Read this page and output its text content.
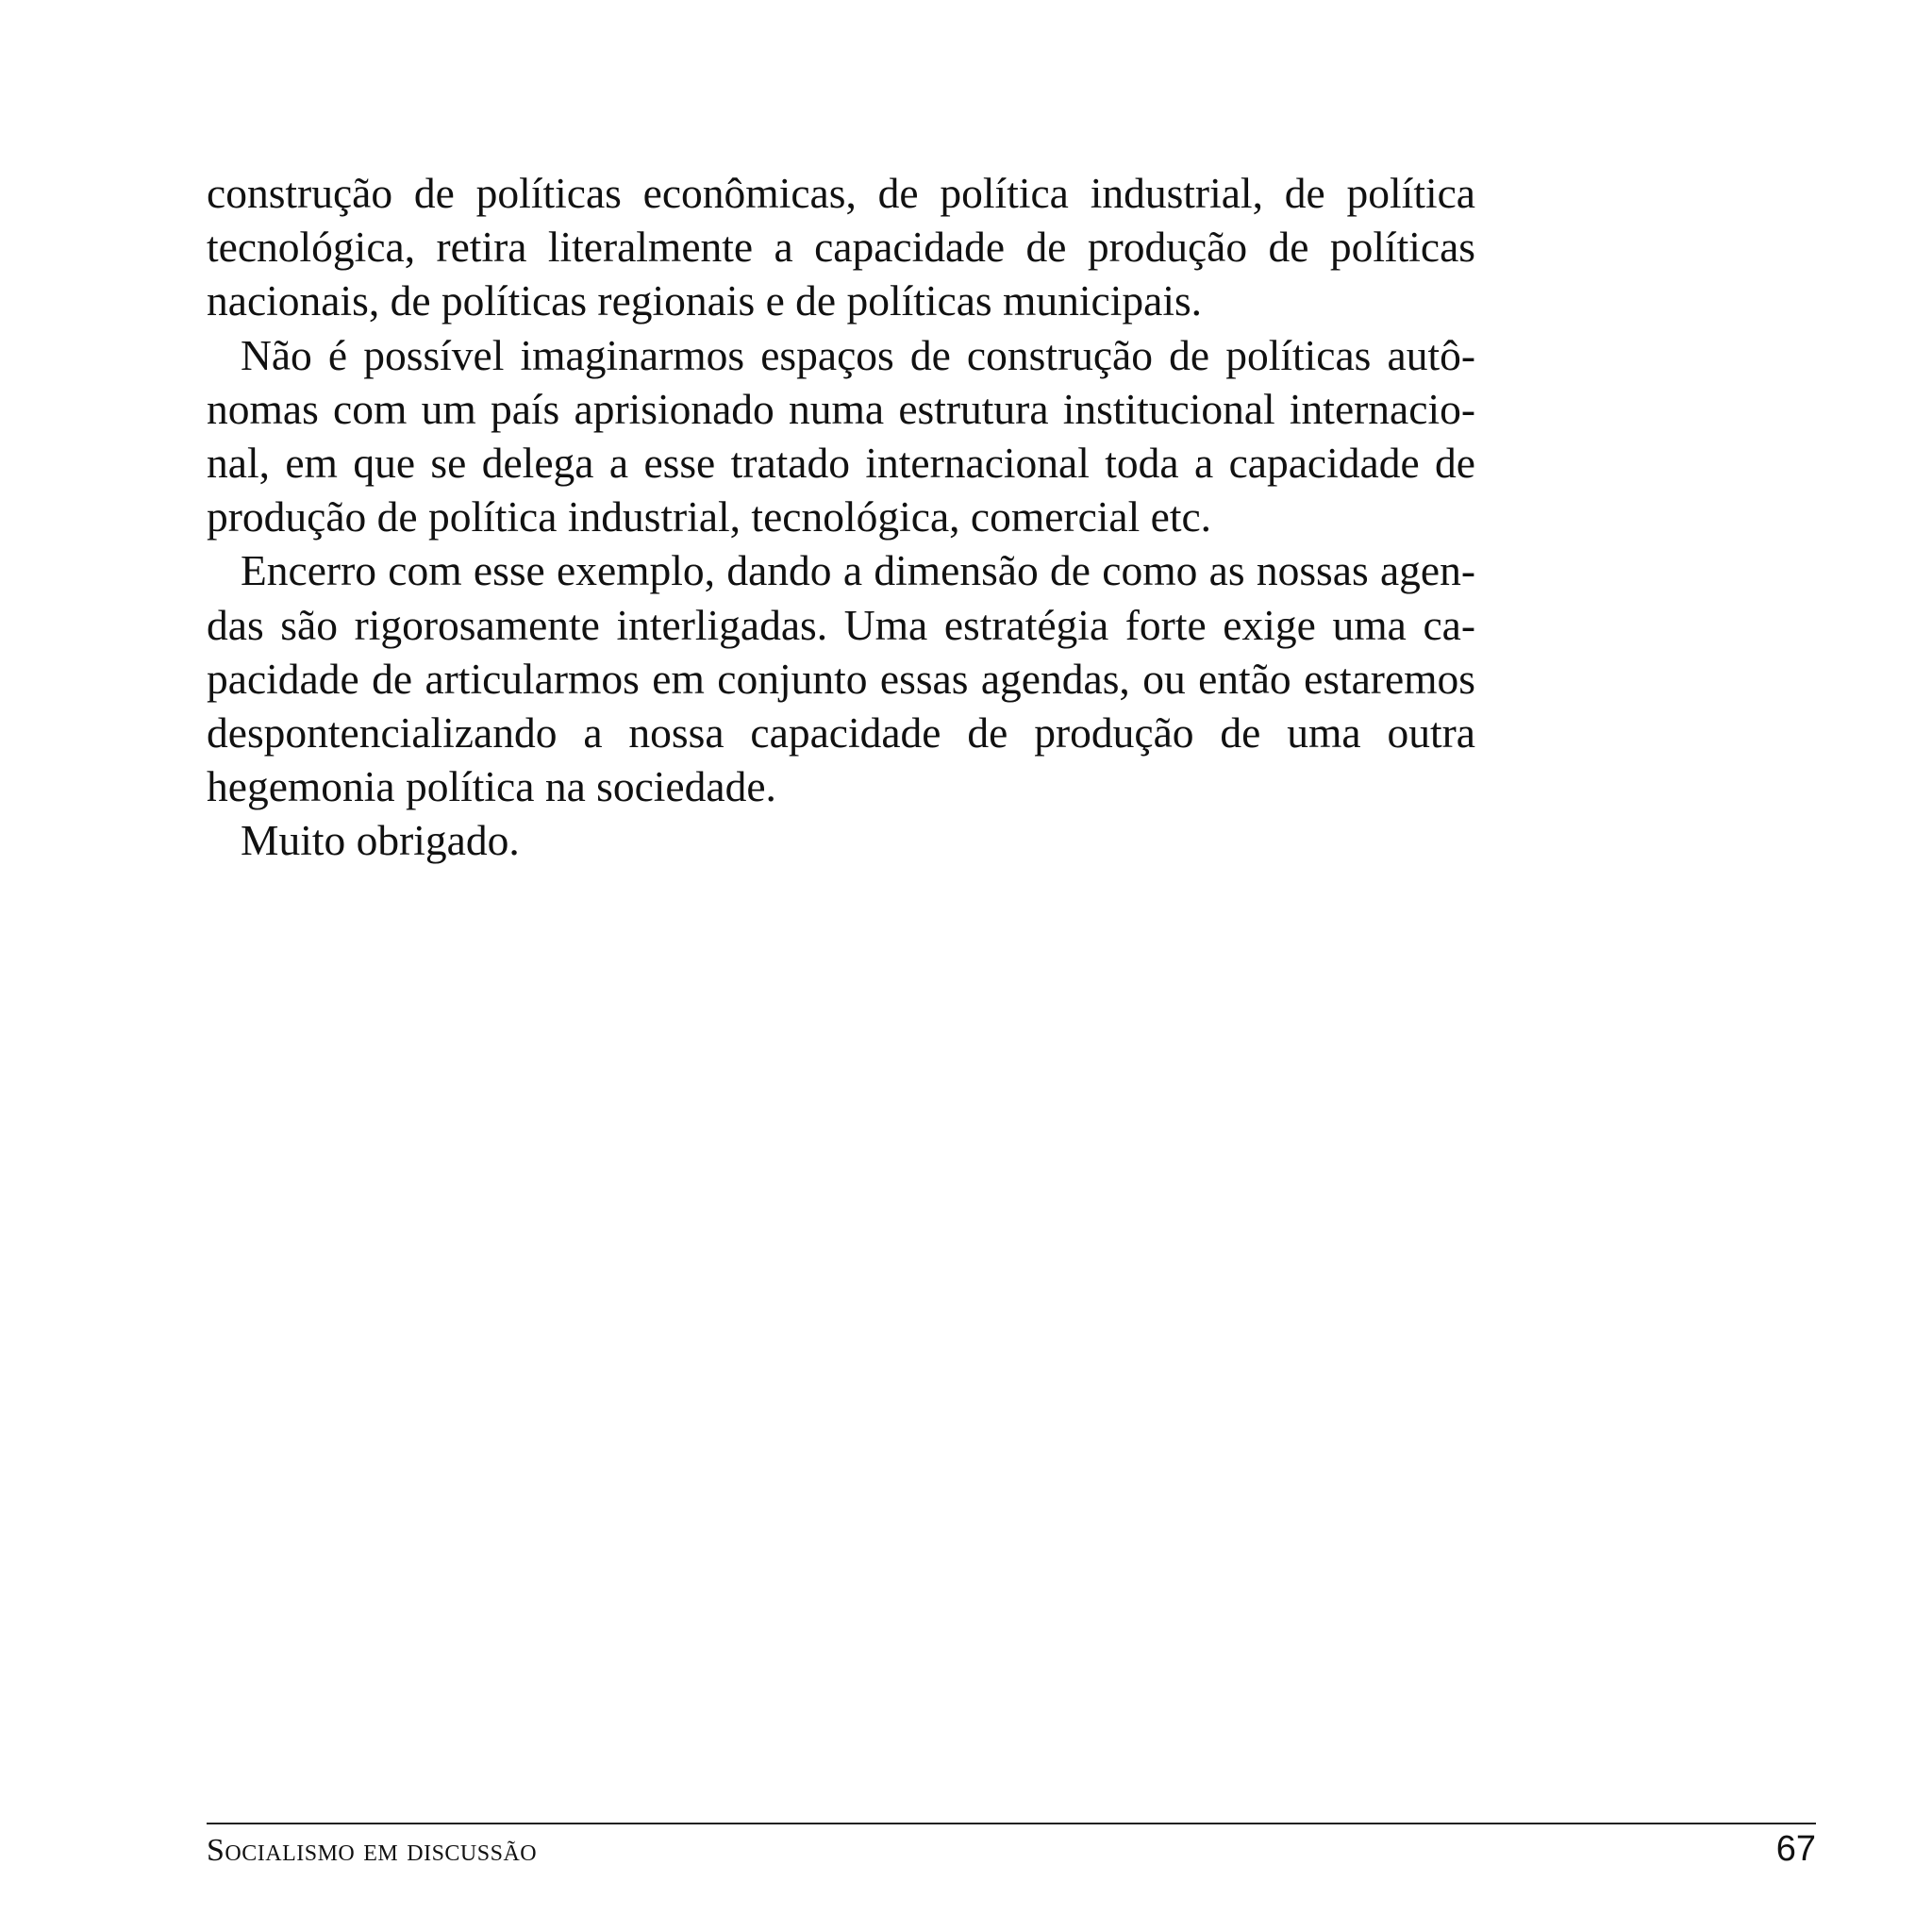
construção de políticas econômicas, de política industrial, de política tecnológica, retira literalmente a capacidade de produção de políticas nacionais, de políticas regionais e de políticas municipais.

Não é possível imaginarmos espaços de construção de políticas autônomas com um país aprisionado numa estrutura institucional internacional, em que se delega a esse tratado internacional toda a capacidade de produção de política industrial, tecnológica, comercial etc.

Encerro com esse exemplo, dando a dimensão de como as nossas agendas são rigorosamente interligadas. Uma estratégia forte exige uma capacidade de articularmos em conjunto essas agendas, ou então estaremos despontencializando a nossa capacidade de produção de uma outra hegemonia política na sociedade.

Muito obrigado.

Socialismo em discussão	67
